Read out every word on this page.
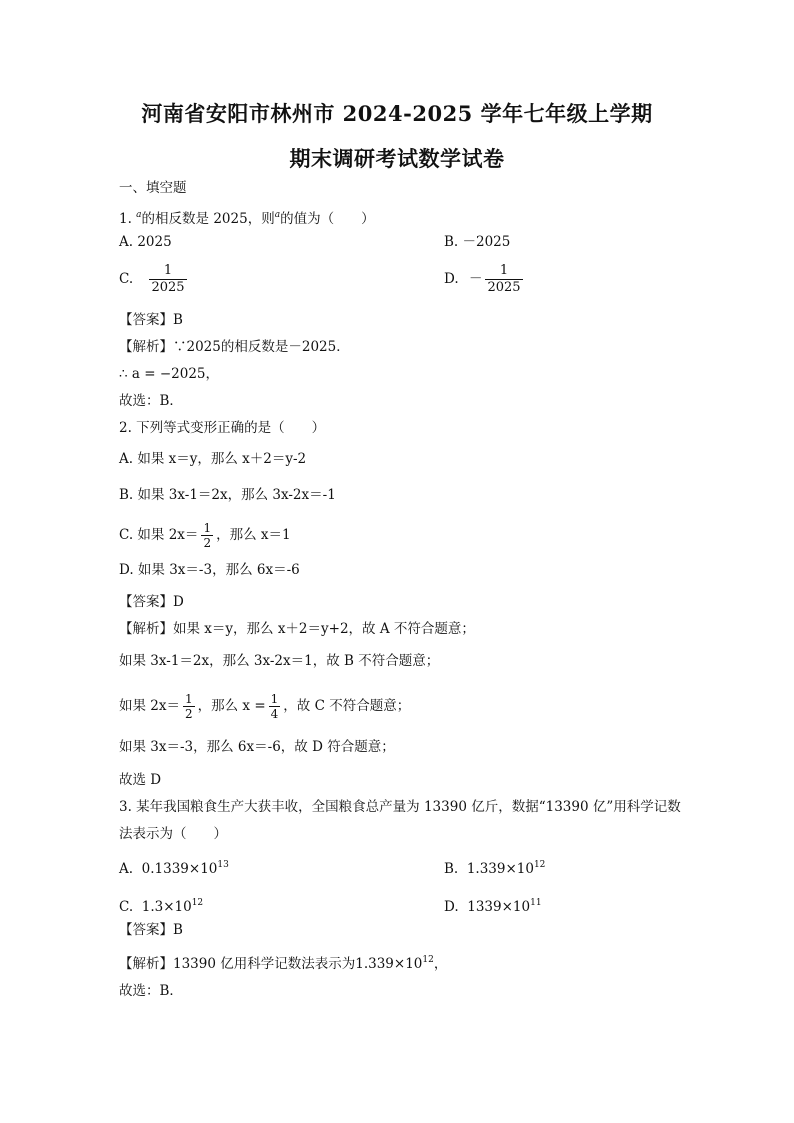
河南省安阳市林州市 2024-2025 学年七年级上学期
期末调研考试数学试卷
一、填空题
1. $^a$的相反数是 2025，则$^a$的值为（　　）
A. 2025	B. －2025
C. $\frac{1}{2025}$	D. － $\frac{1}{2025}$
【答案】B
【解析】∵2025的相反数是－2025．
∴ a = −2025，
故选：B．
2. 下列等式变形正确的是（　　）
A. 如果 x＝y，那么 x＋2＝y-2
B. 如果 3x-1＝2x，那么 3x-2x＝-1
C. 如果 $2x= \frac{1}{2}$ ，那么 x＝1
D. 如果 3x＝-3，那么 6x＝-6
【答案】D
【解析】如果 x＝y，那么 x＋2＝y+2，故 A 不符合题意；
如果 3x-1＝2x，那么 3x-2x＝1，故 B 不符合题意；
如果 $2x= \frac{1}{2}$ ，那么 $x = \frac{1}{4}$ ，故 C 不符合题意；
如果 3x＝-3，那么 6x＝-6，故 D 符合题意；
故选 D
3. 某年我国粮食生产大获丰收，全国粮食总产量为 13390 亿斤，数据“13390 亿”用科学记数
法表示为（　　）
A. $0.1339\times 10^{13}$	B. $1.339\times 10^{12}$
C. $1.3\times 10^{12}$	D. $1339\times 10^{11}$
【答案】B
【解析】13390 亿用科学记数法表示为$1.339\times 10^{12}$，
故选：B．
